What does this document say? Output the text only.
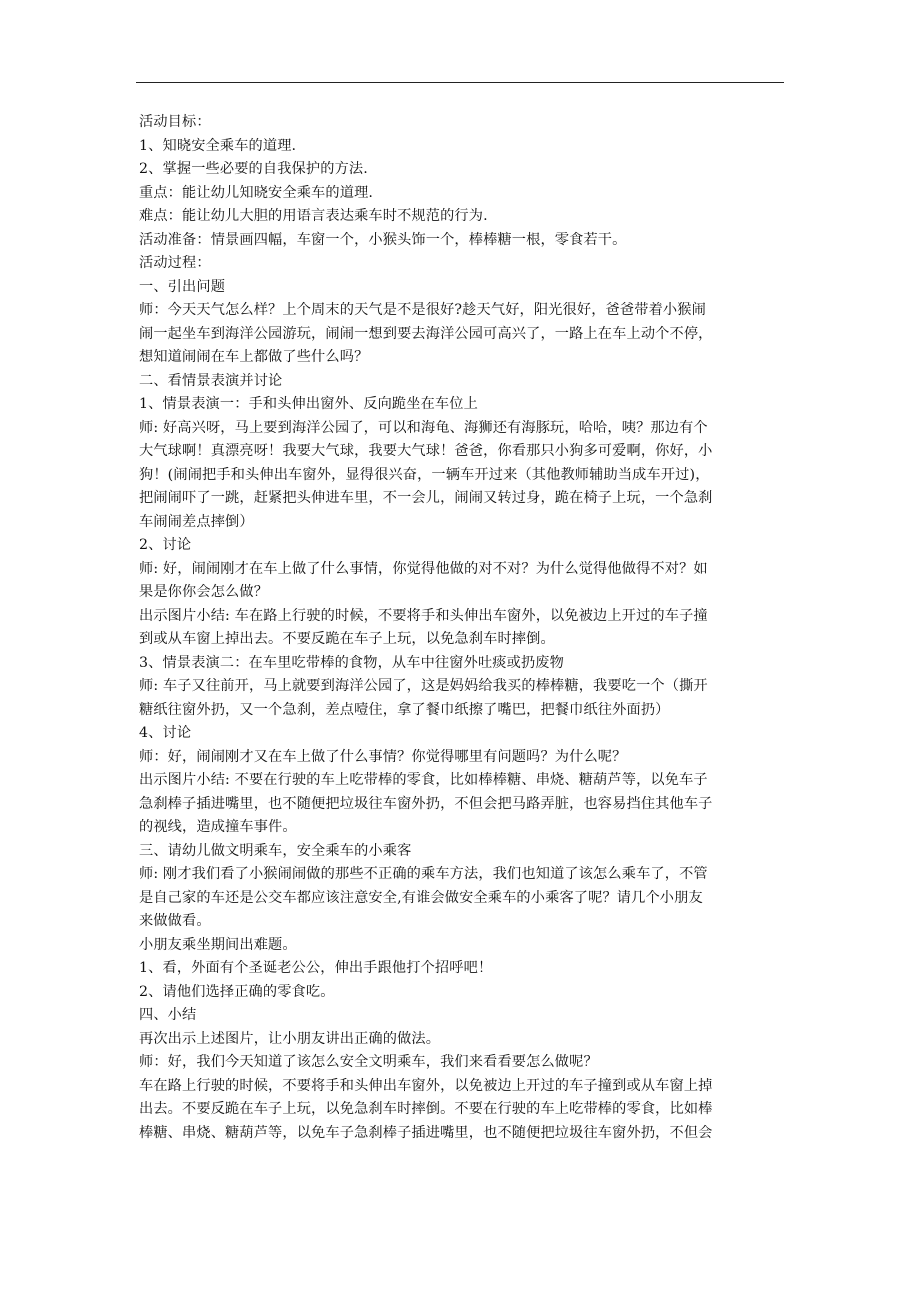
活动目标：
1、知晓安全乘车的道理.
2、掌握一些必要的自我保护的方法.
重点：能让幼儿知晓安全乘车的道理.
难点：能让幼儿大胆的用语言表达乘车时不规范的行为.
活动准备：情景画四幅，车窗一个，小猴头饰一个，棒棒糖一根，零食若干。
活动过程：
一、引出问题
师：今天天气怎么样？上个周末的天气是不是很好?趁天气好，阳光很好，爸爸带着小猴闹
闹一起坐车到海洋公园游玩，闹闹一想到要去海洋公园可高兴了，一路上在车上动个不停，
想知道闹闹在车上都做了些什么吗？
二、看情景表演并讨论
1、情景表演一：手和头伸出窗外、反向跪坐在车位上
师: 好高兴呀，马上要到海洋公园了，可以和海龟、海狮还有海豚玩，哈哈，咦？那边有个
大气球啊！真漂亮呀！我要大气球，我要大气球！爸爸，你看那只小狗多可爱啊，你好，小
狗！(闹闹把手和头伸出车窗外，显得很兴奋，一辆车开过来（其他教师辅助当成车开过)，
把闹闹吓了一跳，赶紧把头伸进车里，不一会儿，闹闹又转过身，跪在椅子上玩，一个急刹
车闹闹差点摔倒）
2、讨论
师: 好，闹闹刚才在车上做了什么事情，你觉得他做的对不对？为什么觉得他做得不对？如
果是你你会怎么做？
出示图片小结: 车在路上行驶的时候，不要将手和头伸出车窗外，以免被边上开过的车子撞
到或从车窗上掉出去。不要反跪在车子上玩，以免急刹车时摔倒。
3、情景表演二：在车里吃带棒的食物，从车中往窗外吐痰或扔废物
师: 车子又往前开，马上就要到海洋公园了，这是妈妈给我买的棒棒糖，我要吃一个（撕开
糖纸往窗外扔，又一个急刹，差点噎住，拿了餐巾纸擦了嘴巴，把餐巾纸往外面扔）
4、讨论
师：好，闹闹刚才又在车上做了什么事情？你觉得哪里有问题吗？为什么呢？
出示图片小结: 不要在行驶的车上吃带棒的零食，比如棒棒糖、串烧、糖葫芦等，以免车子
急刹棒子插进嘴里，也不随便把垃圾往车窗外扔，不但会把马路弄脏，也容易挡住其他车子
的视线，造成撞车事件。
三、请幼儿做文明乘车，安全乘车的小乘客
师: 刚才我们看了小猴闹闹做的那些不正确的乘车方法，我们也知道了该怎么乘车了，不管
是自己家的车还是公交车都应该注意安全,有谁会做安全乘车的小乘客了呢？请几个小朋友
来做做看。
小朋友乘坐期间出难题。
1、看，外面有个圣诞老公公，伸出手跟他打个招呼吧！
2、请他们选择正确的零食吃。
四、小结
再次出示上述图片，让小朋友讲出正确的做法。
师：好，我们今天知道了该怎么安全文明乘车，我们来看看要怎么做呢？
车在路上行驶的时候，不要将手和头伸出车窗外，以免被边上开过的车子撞到或从车窗上掉
出去。不要反跪在车子上玩，以免急刹车时摔倒。不要在行驶的车上吃带棒的零食，比如棒
棒糖、串烧、糖葫芦等，以免车子急刹棒子插进嘴里，也不随便把垃圾往车窗外扔，不但会
